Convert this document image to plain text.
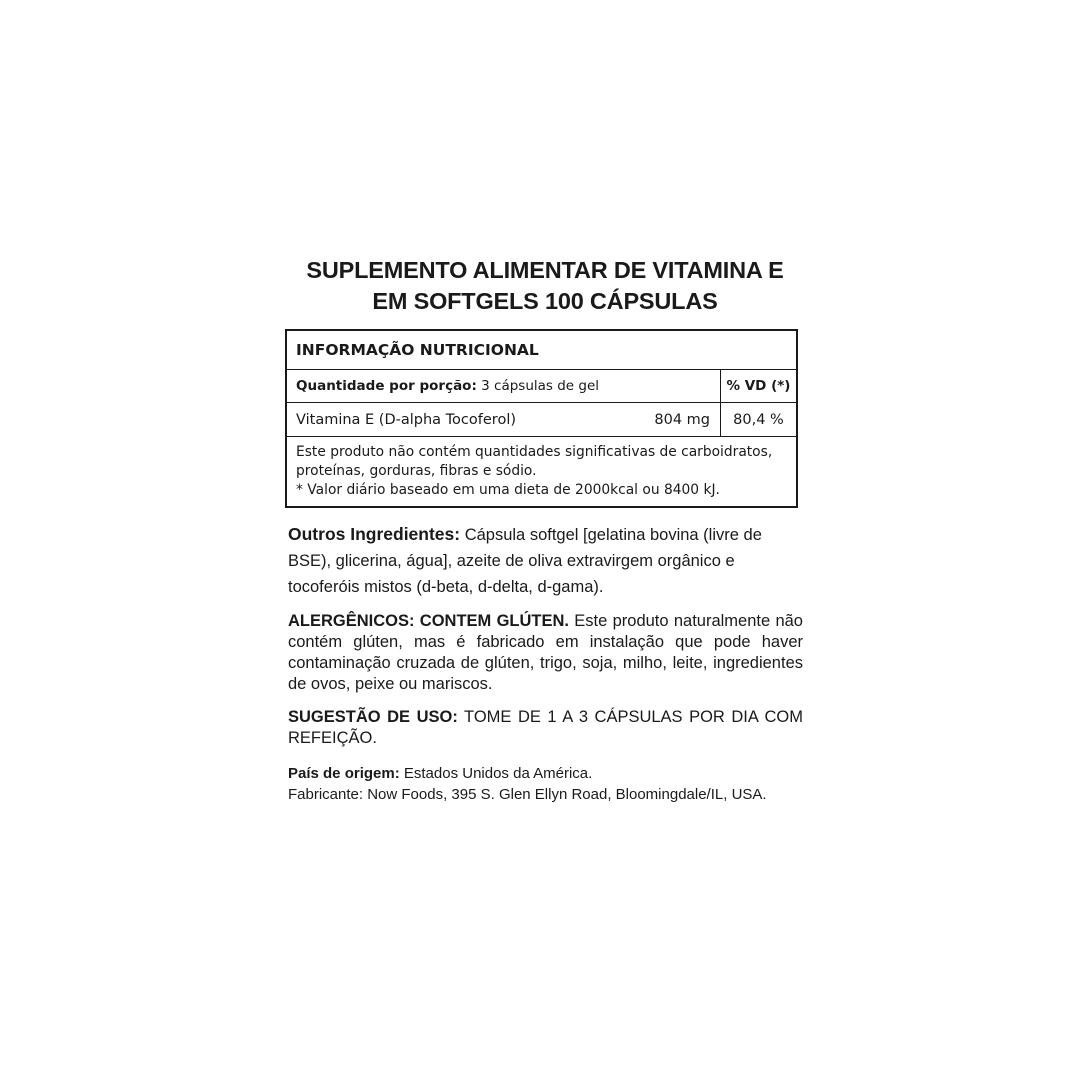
SUPLEMENTO ALIMENTAR DE VITAMINA E
EM SOFTGELS 100 CÁPSULAS
INFORMAÇÃO NUTRICIONAL
Quantidade por porção: 3 cápsulas de gel	% VD (*)
Vitamina E (D-alpha Tocoferol)	804 mg	80,4 %
Este produto não contém quantidades significativas de carboidratos,
proteínas, gorduras, fibras e sódio.
* Valor diário baseado em uma dieta de 2000kcal ou 8400 kJ.

Outros Ingredientes: Cápsula softgel [gelatina bovina (livre de BSE), glicerina, água], azeite de oliva extravirgem orgânico e tocoferóis mistos (d-beta, d-delta, d-gama).

ALERGÊNICOS: CONTEM GLÚTEN. Este produto naturalmente não contém glúten, mas é fabricado em instalação que pode haver contaminação cruzada de glúten, trigo, soja, milho, leite, ingredientes de ovos, peixe ou mariscos.

SUGESTÃO DE USO: TOME DE 1 A 3 CÁPSULAS POR DIA COM REFEIÇÃO.

País de origem: Estados Unidos da América.
Fabricante: Now Foods, 395 S. Glen Ellyn Road, Bloomingdale/IL, USA.
